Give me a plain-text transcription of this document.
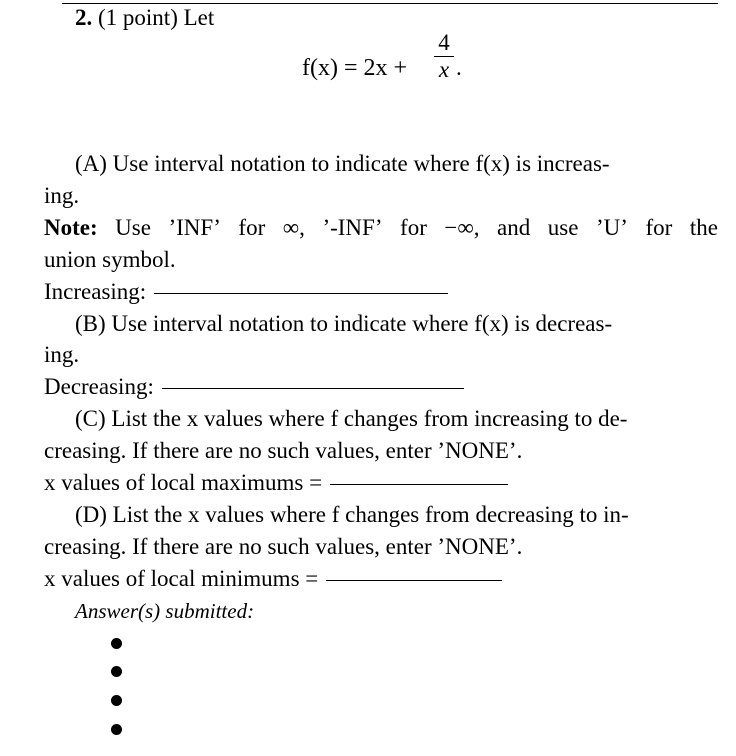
2. (1 point) Let
f(x) = 2x +
4
x .
(A) Use interval notation to indicate where f(x) is increas-
ing.
Note: Use ’INF’ for ∞, ’-INF’ for −∞, and use ’U’ for the
union symbol.
Increasing:
(B) Use interval notation to indicate where f(x) is decreas-
ing.
Decreasing:
(C) List the x values where f changes from increasing to de-
creasing. If there are no such values, enter ’NONE’.
x values of local maximums =
(D) List the x values where f changes from decreasing to in-
creasing. If there are no such values, enter ’NONE’.
x values of local minimums =
Answer(s) submitted:
